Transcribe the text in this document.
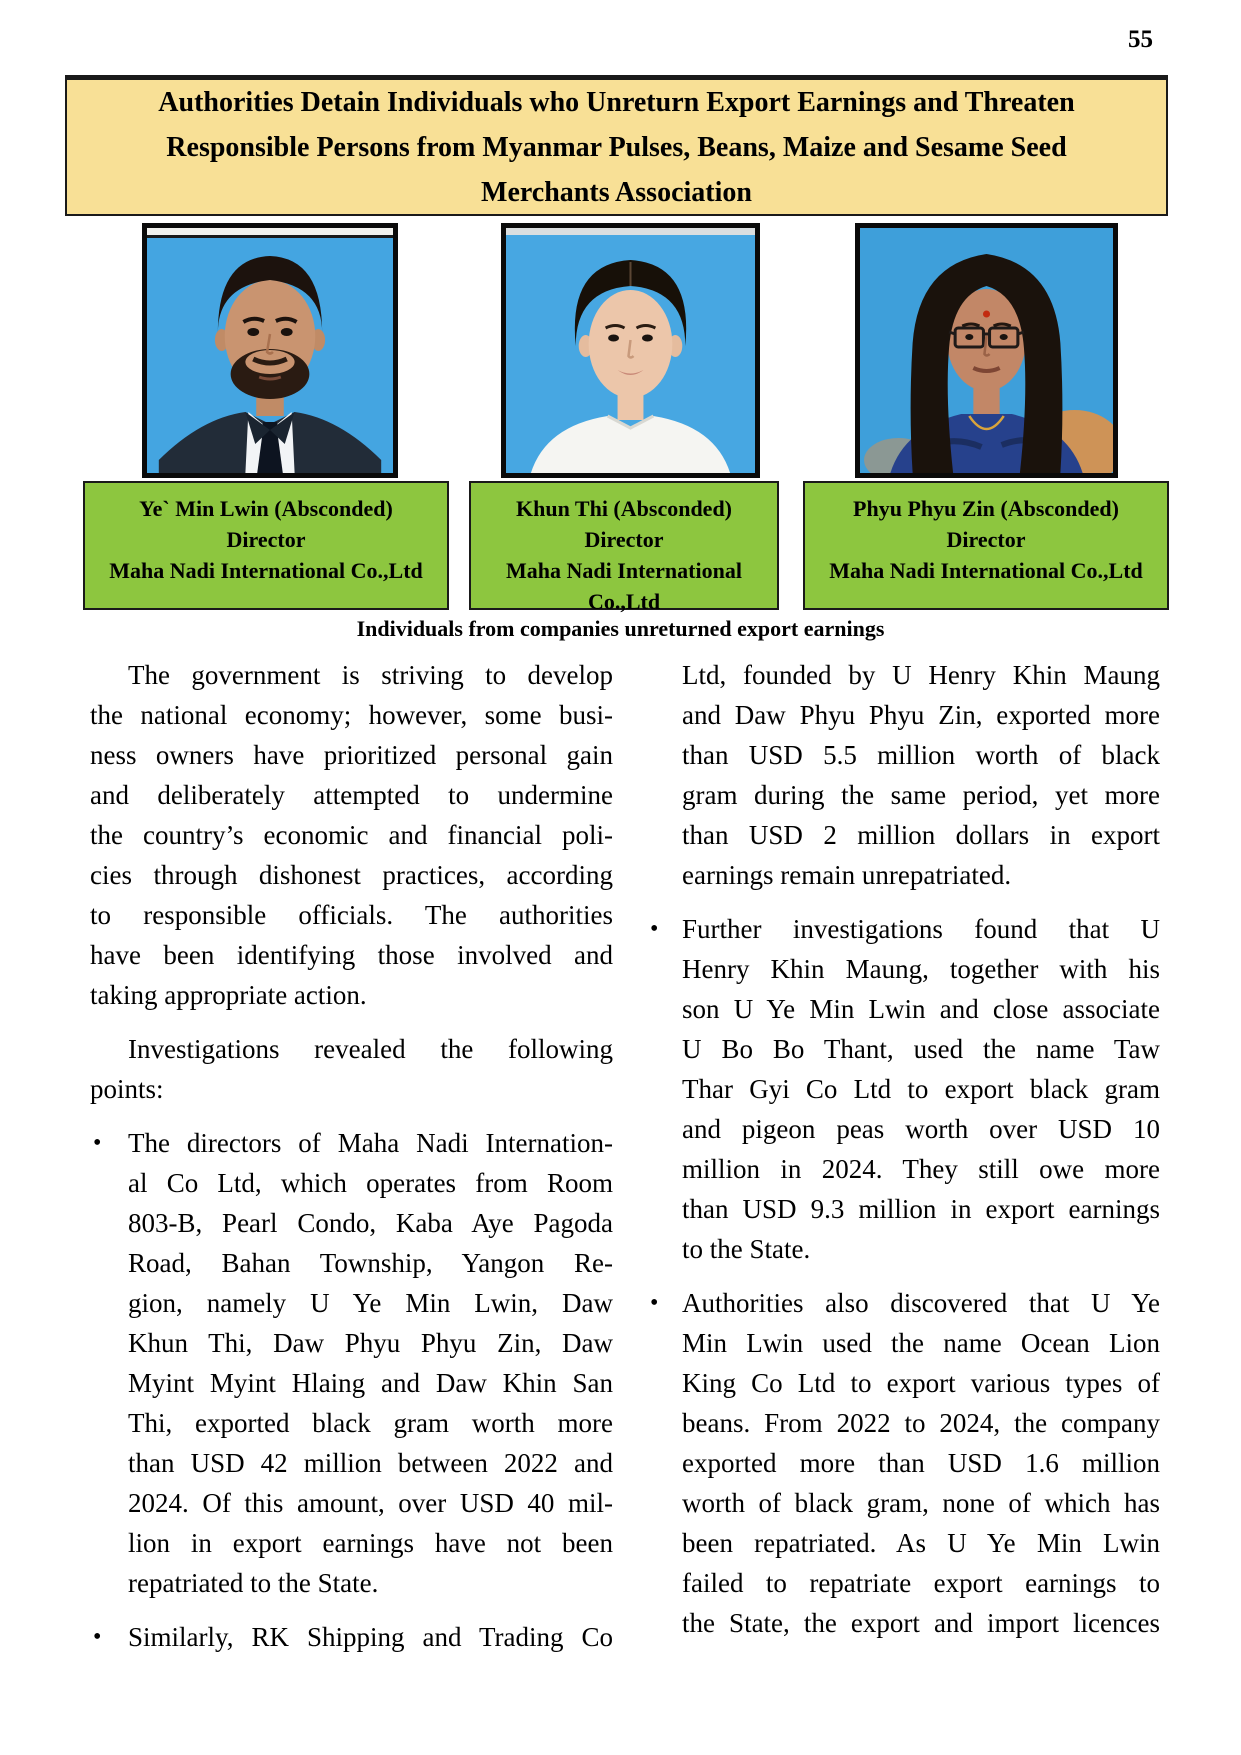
55
Authorities Detain Individuals who Unreturn Export Earnings and Threaten
Responsible Persons from Myanmar Pulses, Beans, Maize and Sesame Seed
Merchants Association
Ye` Min Lwin (Absconded)
Director
Maha Nadi International Co.,Ltd
Khun Thi (Absconded)
Director
Maha Nadi International Co.,Ltd
Phyu Phyu Zin (Absconded)
Director
Maha Nadi International Co.,Ltd
Individuals from companies unreturned export earnings
The government is striving to develop
the national economy; however, some busi-
ness owners have prioritized personal gain
and deliberately attempted to undermine
the country’s economic and financial poli-
cies through dishonest practices, according
to responsible officials. The authorities
have been identifying those involved and
taking appropriate action.
Investigations revealed the following
points:
• The directors of Maha Nadi Internation-
al Co Ltd, which operates from Room
803-B, Pearl Condo, Kaba Aye Pagoda
Road, Bahan Township, Yangon Re-
gion, namely U Ye Min Lwin, Daw
Khun Thi, Daw Phyu Phyu Zin, Daw
Myint Myint Hlaing and Daw Khin San
Thi, exported black gram worth more
than USD 42 million between 2022 and
2024. Of this amount, over USD 40 mil-
lion in export earnings have not been
repatriated to the State.
• Similarly, RK Shipping and Trading Co
Ltd, founded by U Henry Khin Maung
and Daw Phyu Phyu Zin, exported more
than USD 5.5 million worth of black
gram during the same period, yet more
than USD 2 million dollars in export
earnings remain unrepatriated.
• Further investigations found that U
Henry Khin Maung, together with his
son U Ye Min Lwin and close associate
U Bo Bo Thant, used the name Taw
Thar Gyi Co Ltd to export black gram
and pigeon peas worth over USD 10
million in 2024. They still owe more
than USD 9.3 million in export earnings
to the State.
• Authorities also discovered that U Ye
Min Lwin used the name Ocean Lion
King Co Ltd to export various types of
beans. From 2022 to 2024, the company
exported more than USD 1.6 million
worth of black gram, none of which has
been repatriated. As U Ye Min Lwin
failed to repatriate export earnings to
the State, the export and import licences
